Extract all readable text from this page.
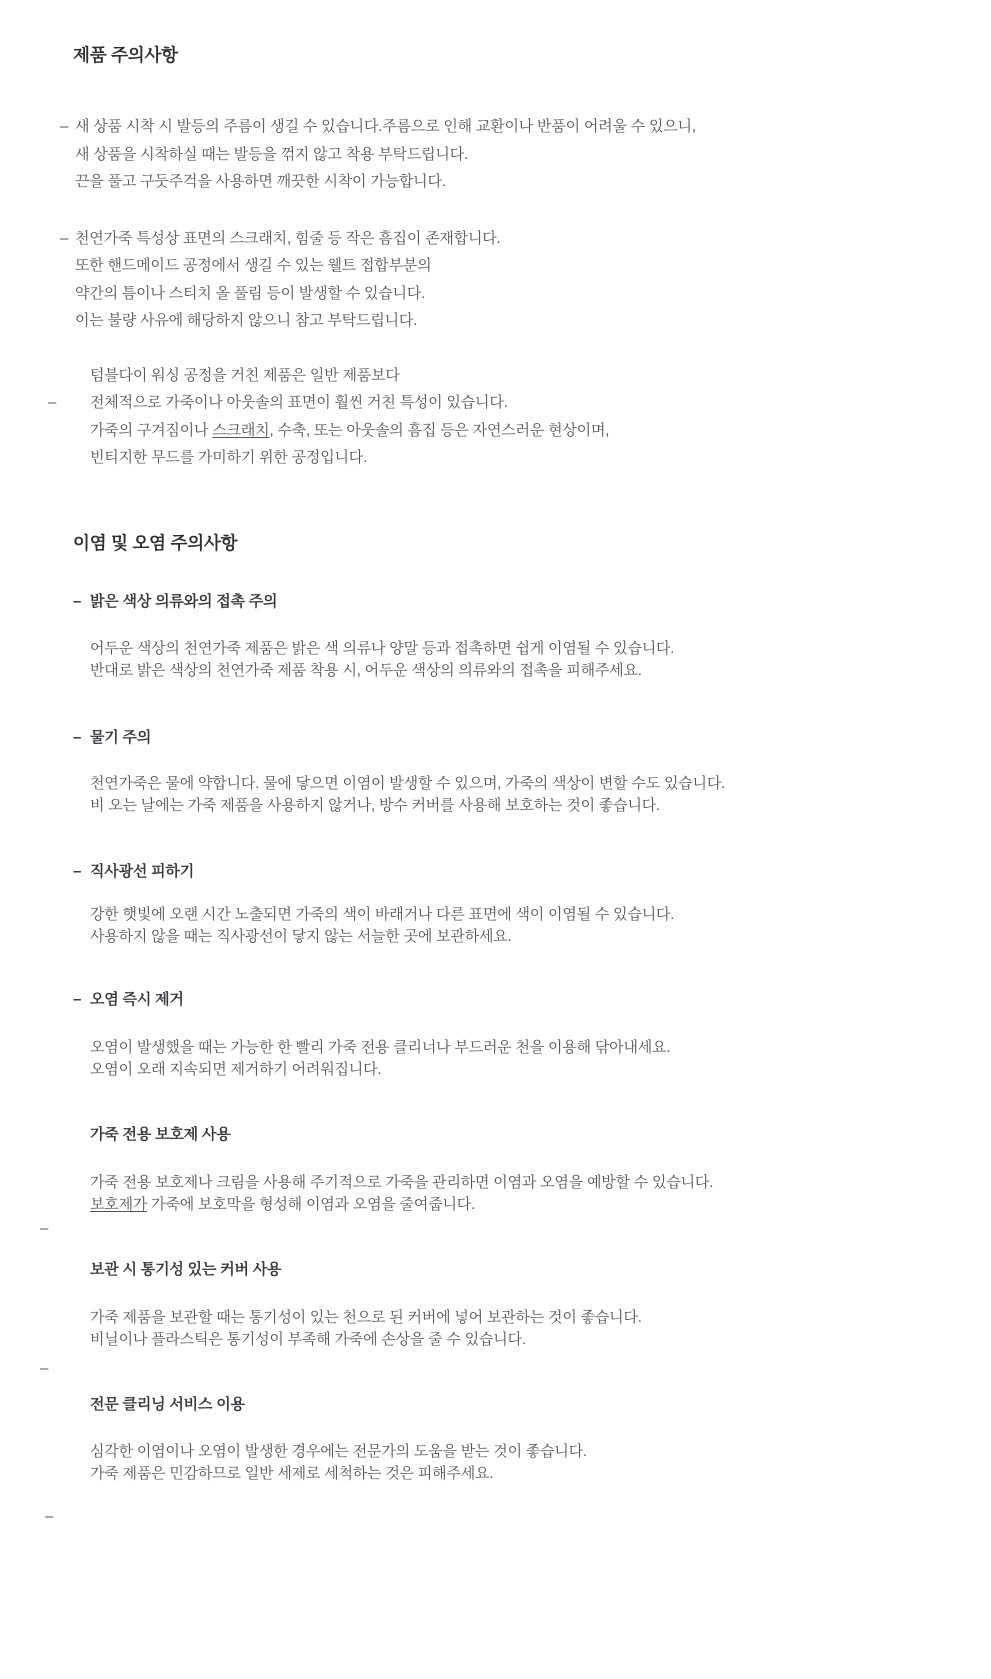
제품 주의사항
– 새 상품 시착 시 발등의 주름이 생길 수 있습니다.주름으로 인해 교환이나 반품이 어려울 수 있으니,
새 상품을 시착하실 때는 발등을 꺾지 않고 착용 부탁드립니다.
끈을 풀고 구둣주걱을 사용하면 깨끗한 시착이 가능합니다.
– 천연가죽 특성상 표면의 스크래치, 힘줄 등 작은 흠집이 존재합니다.
또한 핸드메이드 공정에서 생길 수 있는 웰트 접합부분의
약간의 틈이나 스티치 올 풀림 등이 발생할 수 있습니다.
이는 불량 사유에 해당하지 않으니 참고 부탁드립니다.
–
텀블다이 워싱 공정을 거친 제품은 일반 제품보다
전체적으로 가죽이나 아웃솔의 표면이 훨씬 거친 특성이 있습니다.
가죽의 구겨짐이나 스크래치, 수축, 또는 아웃솔의 흠집 등은 자연스러운 현상이며,
빈티지한 무드를 가미하기 위한 공정입니다.
이염 및 오염 주의사항
– 밝은 색상 의류와의 접촉 주의
어두운 색상의 천연가죽 제품은 밝은 색 의류나 양말 등과 접촉하면 쉽게 이염될 수 있습니다.
반대로 밝은 색상의 천연가죽 제품 착용 시, 어두운 색상의 의류와의 접촉을 피해주세요.
– 물기 주의
천연가죽은 물에 약합니다. 물에 닿으면 이염이 발생할 수 있으며, 가죽의 색상이 변할 수도 있습니다.
비 오는 날에는 가죽 제품을 사용하지 않거나, 방수 커버를 사용해 보호하는 것이 좋습니다.
– 직사광선 피하기
강한 햇빛에 오랜 시간 노출되면 가죽의 색이 바래거나 다른 표면에 색이 이염될 수 있습니다.
사용하지 않을 때는 직사광선이 닿지 않는 서늘한 곳에 보관하세요.
– 오염 즉시 제거
오염이 발생했을 때는 가능한 한 빨리 가죽 전용 클리너나 부드러운 천을 이용해 닦아내세요.
오염이 오래 지속되면 제거하기 어려워집니다.
가죽 전용 보호제 사용
가죽 전용 보호제나 크림을 사용해 주기적으로 가죽을 관리하면 이염과 오염을 예방할 수 있습니다.
보호제가 가죽에 보호막을 형성해 이염과 오염을 줄여줍니다.
보관 시 통기성 있는 커버 사용
가죽 제품을 보관할 때는 통기성이 있는 천으로 된 커버에 넣어 보관하는 것이 좋습니다.
비닐이나 플라스틱은 통기성이 부족해 가죽에 손상을 줄 수 있습니다.
전문 클리닝 서비스 이용
심각한 이염이나 오염이 발생한 경우에는 전문가의 도움을 받는 것이 좋습니다.
가죽 제품은 민감하므로 일반 세제로 세척하는 것은 피해주세요.
–
–
–
